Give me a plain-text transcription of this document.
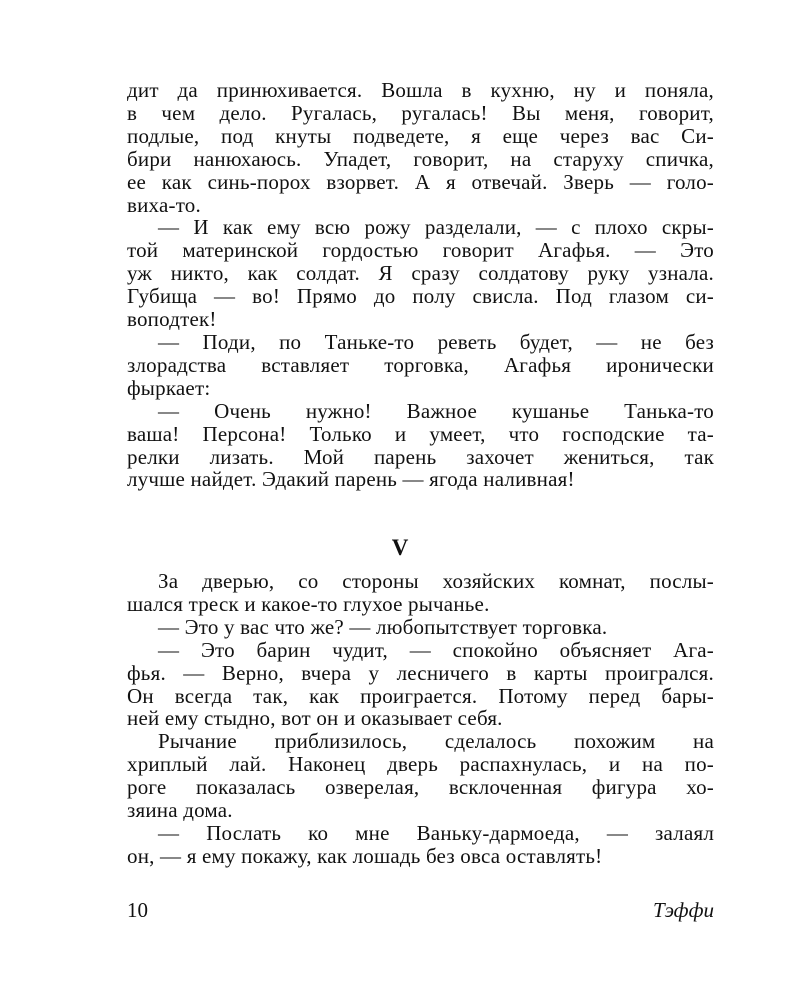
дит да принюхивается. Вошла в кухню, ну и поняла,
в чем дело. Ругалась, ругалась! Вы меня, говорит,
подлые, под кнуты подведете, я еще через вас Си-
бири нанюхаюсь. Упадет, говорит, на старуху спичка,
ее как синь-порох взорвет. А я отвечай. Зверь — голо-
виха-то.
— И как ему всю рожу разделали, — с плохо скры-
той материнской гордостью говорит Агафья. — Это
уж никто, как солдат. Я сразу солдатову руку узнала.
Губища — во! Прямо до полу свисла. Под глазом си-
воподтек!
— Поди, по Таньке-то реветь будет, — не без
злорадства вставляет торговка, Агафья иронически
фыркает:
— Очень нужно! Важное кушанье Танька-то
ваша! Персона! Только и умеет, что господские та-
релки лизать. Мой парень захочет жениться, так
лучше найдет. Эдакий парень — ягода наливная!
V
За дверью, со стороны хозяйских комнат, послы-
шался треск и какое-то глухое рычанье.
— Это у вас что же? — любопытствует торговка.
— Это барин чудит, — спокойно объясняет Ага-
фья. — Верно, вчера у лесничего в карты проигрался.
Он всегда так, как проиграется. Потому перед бары-
ней ему стыдно, вот он и оказывает себя.
Рычание приблизилось, сделалось похожим на
хриплый лай. Наконец дверь распахнулась, и на по-
роге показалась озверелая, всклоченная фигура хо-
зяина дома.
— Послать ко мне Ваньку-дармоеда, — залаял
он, — я ему покажу, как лошадь без овса оставлять!
10	Тэффи
